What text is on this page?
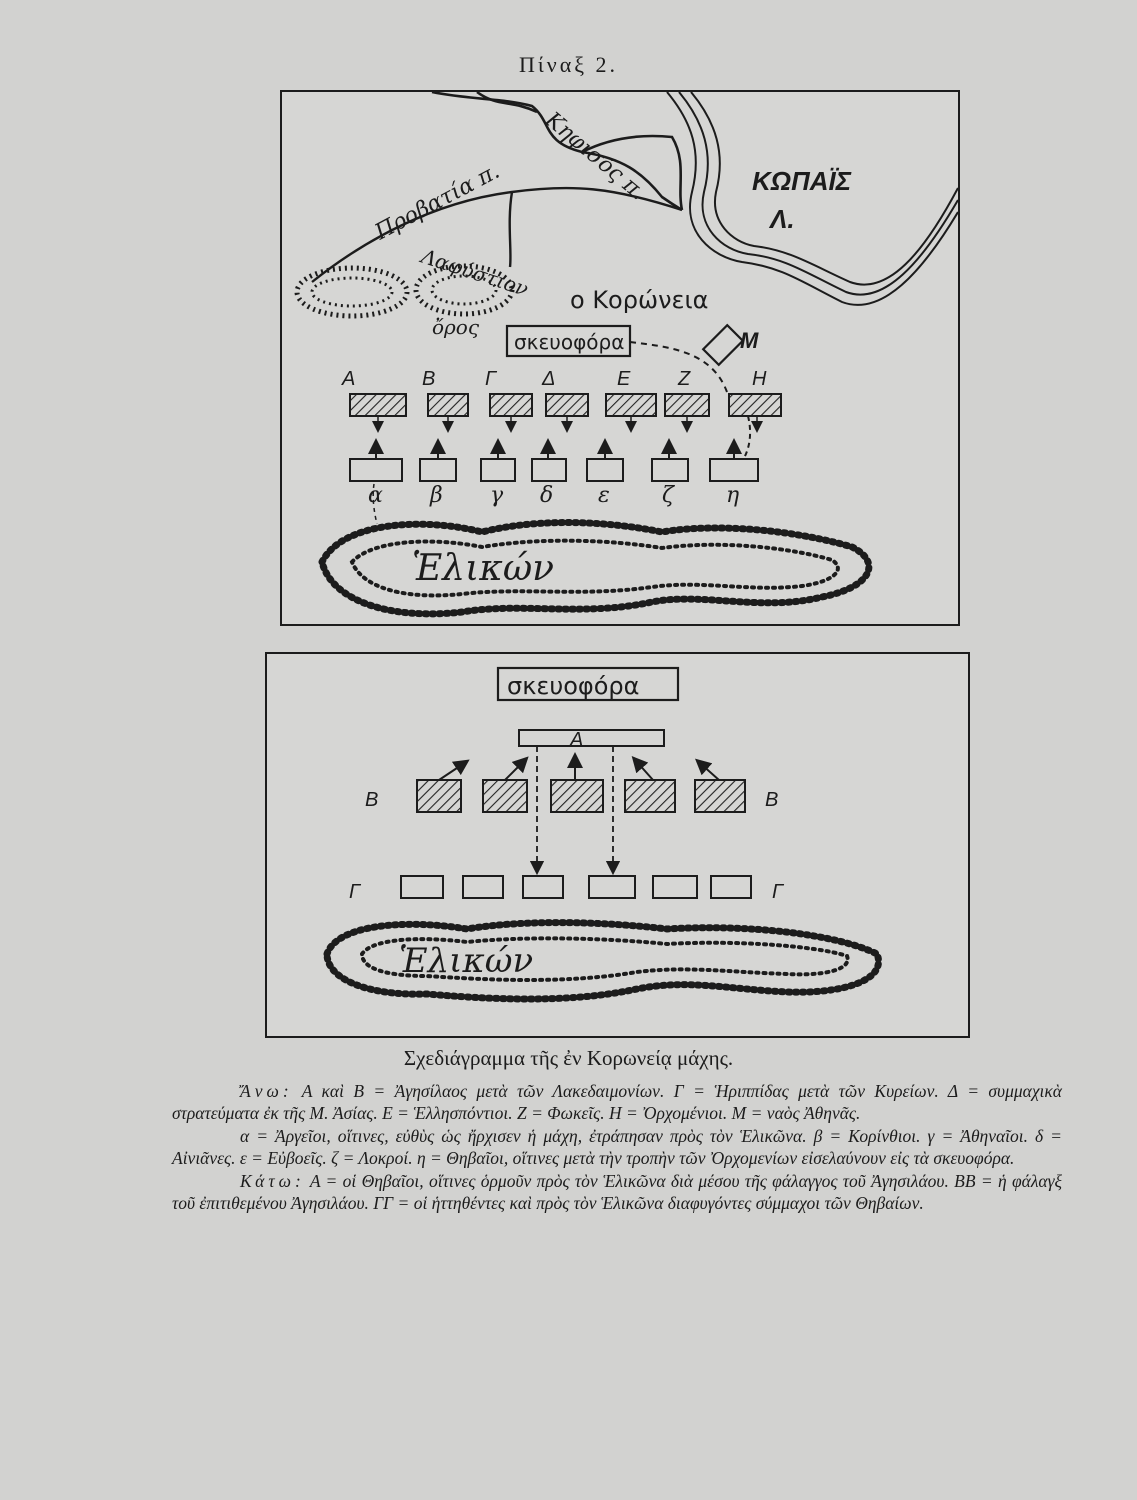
Πίναξ 2.
Κηφισός π.
Προβατία π.	ΚΩΠΑΪΣ
Λ.
Λαφύστιον
ὄρος
ο Κορώνεια
σκευοφόρα	Μ
Α	Β Γ Δ	Ε Ζ	Η
α β γ δ ε ζ η
Ἑλικών
σκευοφόρα
Α
Β	Β
Γ	Γ
Ἑλικών
Σχεδιάγραμμα τῆς ἐν Κορωνείᾳ μάχης.

Ἄνω: Α καὶ Β = Ἀγησίλαος μετὰ τῶν Λακεδαιμονίων. Γ = Ἡριππίδας μετὰ τῶν Κυρείων. Δ = συμμαχικὰ στρατεύματα ἐκ τῆς Μ. Ἀσίας. Ε = Ἑλλησπόντιοι. Ζ = Φωκεῖς. Η = Ὀρχομένιοι. Μ = ναὸς Ἀθηνᾶς.

α = Ἀργεῖοι, οἵτινες, εὐθὺς ὡς ἤρχισεν ἡ μάχη, ἐτράπησαν πρὸς τὸν Ἑλικῶνα. β = Κορίνθιοι. γ = Ἀθηναῖοι. δ = Αἰνιᾶνες. ε = Εὐβοεῖς. ζ = Λοκροί. η = Θηβαῖοι, οἵτινες μετὰ τὴν τροπὴν τῶν Ὀρχομενίων εἰσελαύνουν εἰς τὰ σκευοφόρα.

Κάτω: Α = οἱ Θηβαῖοι, οἵτινες ὁρμοῦν πρὸς τὸν Ἑλικῶνα διὰ μέσου τῆς φάλαγγος τοῦ Ἀγησιλάου. ΒΒ = ἡ φάλαγξ τοῦ ἐπιτιθεμένου Ἀγησιλάου. ΓΓ = οἱ ἡττηθέντες καὶ πρὸς τὸν Ἑλικῶνα διαφυγόντες σύμμαχοι τῶν Θηβαίων.
